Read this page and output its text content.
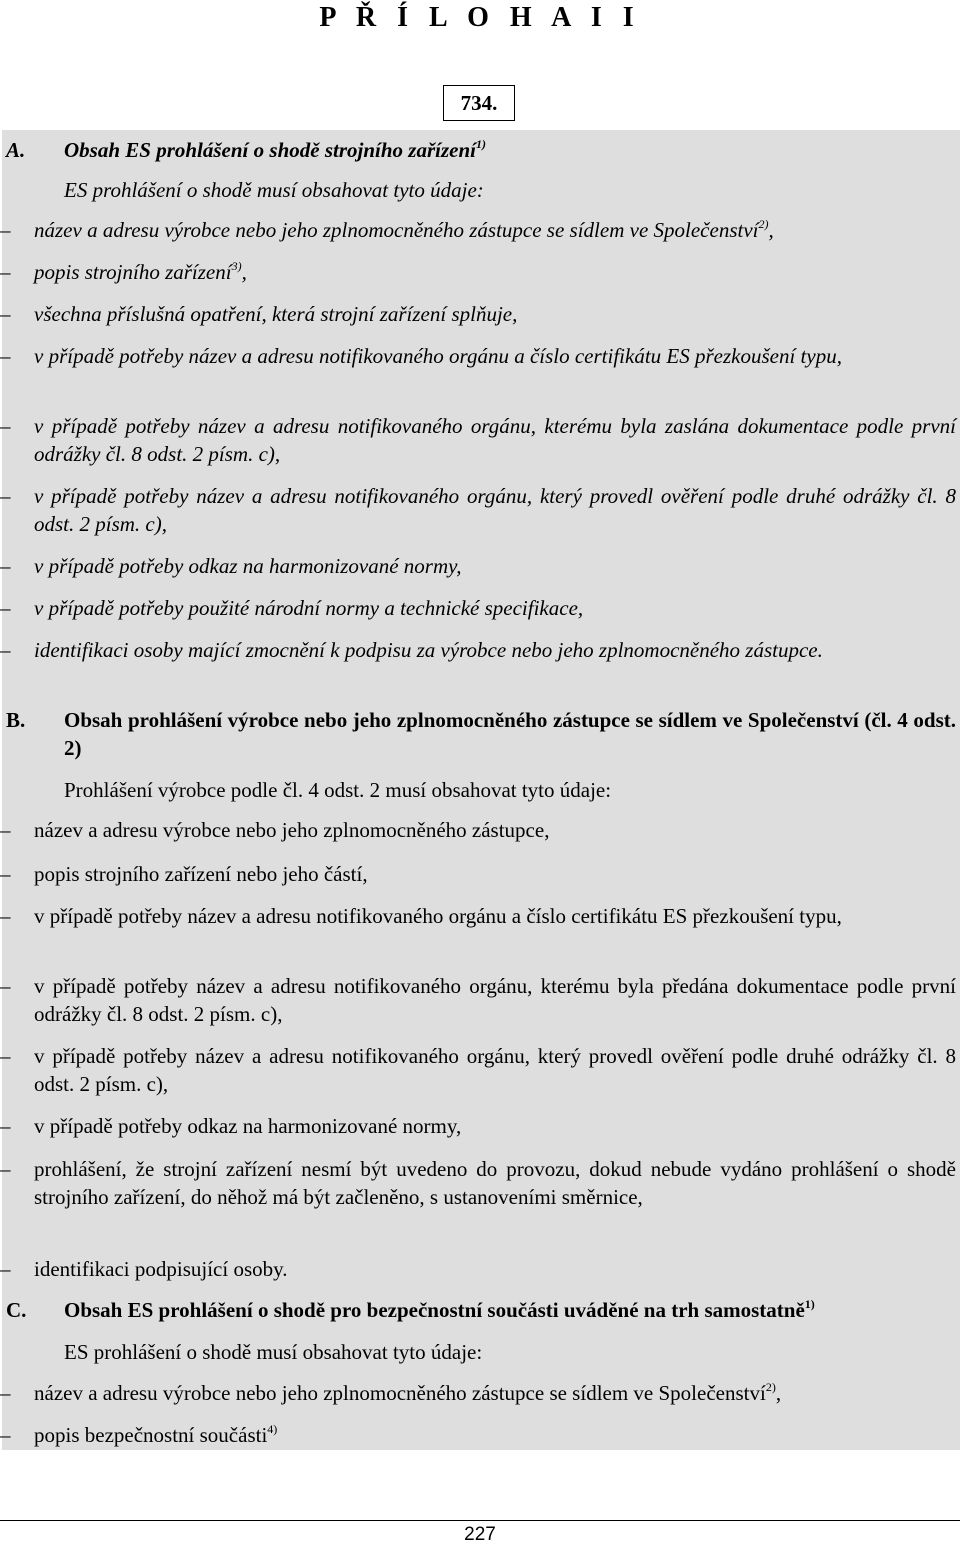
P Ř Í L O H A I I
734.
A. Obsah ES prohlášení o shodě strojního zařízení$^{1)}$
ES prohlášení o shodě musí obsahovat tyto údaje:
–	název a adresu výrobce nebo jeho zplnomocněného zástupce se sídlem ve Společenství$^{2)}$,
–	popis strojního zařízení$^{3)}$,
–	všechna příslušná opatření, která strojní zařízení splňuje,
–	v případě potřeby název a adresu notifikovaného orgánu a číslo certifikátu ES přezkoušení typu,
–	v případě potřeby název a adresu notifikovaného orgánu, kterému byla zaslána dokumentace podle první odrážky čl. 8 odst. 2 písm. c),
–	v případě potřeby název a adresu notifikovaného orgánu, který provedl ověření podle druhé odrážky čl. 8 odst. 2 písm. c),
–	v případě potřeby odkaz na harmonizované normy,
–	v případě potřeby použité národní normy a technické specifikace,
–	identifikaci osoby mající zmocnění k podpisu za výrobce nebo jeho zplnomocněného zástupce.
B. Obsah prohlášení výrobce nebo jeho zplnomocněného zástupce se sídlem ve Společenství (čl. 4 odst. 2)
Prohlášení výrobce podle čl. 4 odst. 2 musí obsahovat tyto údaje:
–	název a adresu výrobce nebo jeho zplnomocněného zástupce,
–	popis strojního zařízení nebo jeho částí,
–	v případě potřeby název a adresu notifikovaného orgánu a číslo certifikátu ES přezkoušení typu,
–	v případě potřeby název a adresu notifikovaného orgánu, kterému byla předána dokumentace podle první odrážky čl. 8 odst. 2 písm. c),
–	v případě potřeby název a adresu notifikovaného orgánu, který provedl ověření podle druhé odrážky čl. 8 odst. 2 písm. c),
–	v případě potřeby odkaz na harmonizované normy,
–	prohlášení, že strojní zařízení nesmí být uvedeno do provozu, dokud nebude vydáno prohlášení o shodě strojního zařízení, do něhož má být začleněno, s ustanoveními směrnice,
–	identifikaci podpisující osoby.
C. Obsah ES prohlášení o shodě pro bezpečnostní součásti uváděné na trh samostatně$^{1)}$
ES prohlášení o shodě musí obsahovat tyto údaje:
–	název a adresu výrobce nebo jeho zplnomocněného zástupce se sídlem ve Společenství$^{2)}$,
–	popis bezpečnostní součásti$^{4)}$
227
